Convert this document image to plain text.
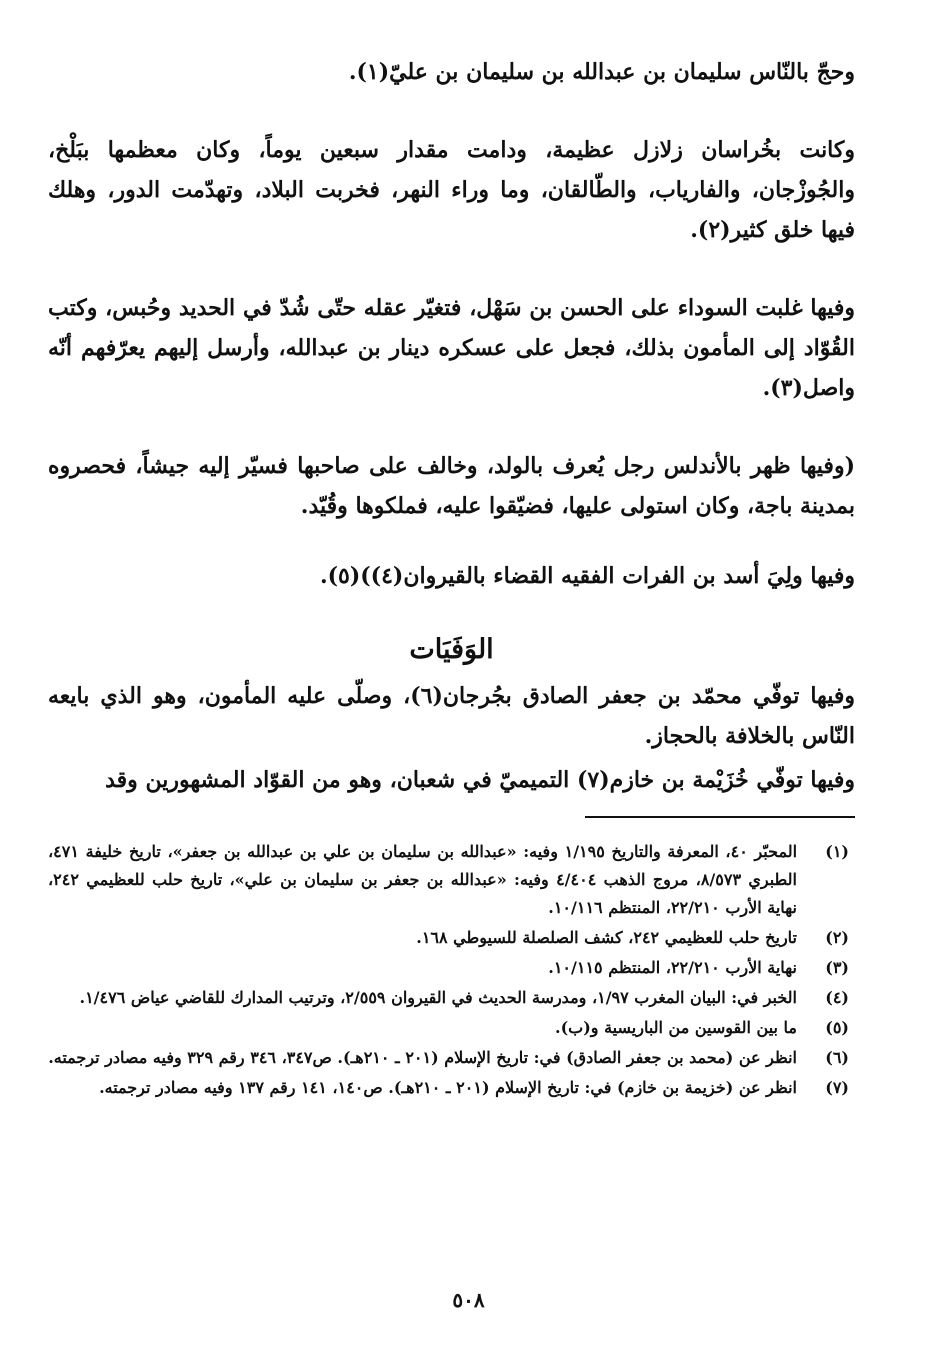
وحجّ بالنّاس سليمان بن عبدالله بن سليمان بن عليّ(١).

وكانت بخُراسان زلازل عظيمة، ودامت مقدار سبعين يوماً، وكان معظمها ببَلْخ، والجُوزْجان، والفارياب، والطّالقان، وما وراء النهر، فخربت البلاد، وتهدّمت الدور، وهلك فيها خلق كثير(٢).

وفيها غلبت السوداء على الحسن بن سَهْل، فتغيّر عقله حتّى شُدّ في الحديد وحُبس، وكتب القُوّاد إلى المأمون بذلك، فجعل على عسكره دينار بن عبدالله، وأرسل إليهم يعرّفهم أنّه واصل(٣).

(وفيها ظهر بالأندلس رجل يُعرف بالولد، وخالف على صاحبها فسيّر إليه جيشاً، فحصروه بمدينة باجة، وكان استولى عليها، فضيّقوا عليه، فملكوها وقُيّد.

وفيها ولِيَ أسد بن الفرات الفقيه القضاء بالقيروان(٤))(٥).

الوَفَيَات

وفيها توفّي محمّد بن جعفر الصادق بجُرجان(٦)، وصلّى عليه المأمون، وهو الذي بايعه النّاس بالخلافة بالحجاز.

وفيها توفّي خُزَيْمة بن خازم(٧) التميميّ في شعبان، وهو من القوّاد المشهورين وقد

(١)
المحبّر ٤٠، المعرفة والتاريخ ١/١٩٥ وفيه: «عبدالله بن سليمان بن علي بن عبدالله بن جعفر»، تاريخ خليفة ٤٧١، الطبري ٨/٥٧٣، مروج الذهب ٤/٤٠٤ وفيه: «عبدالله بن جعفر بن سليمان بن علي»، تاريخ حلب للعظيمي ٢٤٢، نهاية الأرب ٢٢/٢١٠، المنتظم ١٠/١١٦.
(٢)
تاريخ حلب للعظيمي ٢٤٢، كشف الصلصلة للسيوطي ١٦٨.
(٣)
نهاية الأرب ٢٢/٢١٠، المنتظم ١٠/١١٥.
(٤)
الخبر في: البيان المغرب ١/٩٧، ومدرسة الحديث في القيروان ٢/٥٥٩، وترتيب المدارك للقاضي عياض ١/٤٧٦.
(٥)
ما بين القوسين من الباريسية و(ب).
(٦)
انظر عن (محمد بن جعفر الصادق) في: تاريخ الإسلام (٢٠١ ـ ٢١٠هـ). ص٣٤٧، ٣٤٦ رقم ٣٢٩ وفيه مصادر ترجمته.
(٧)
انظر عن (خزيمة بن خازم) في: تاريخ الإسلام (٢٠١ ـ ٢١٠هـ). ص١٤٠، ١٤١ رقم ١٣٧ وفيه مصادر ترجمته.
٥٠٨
